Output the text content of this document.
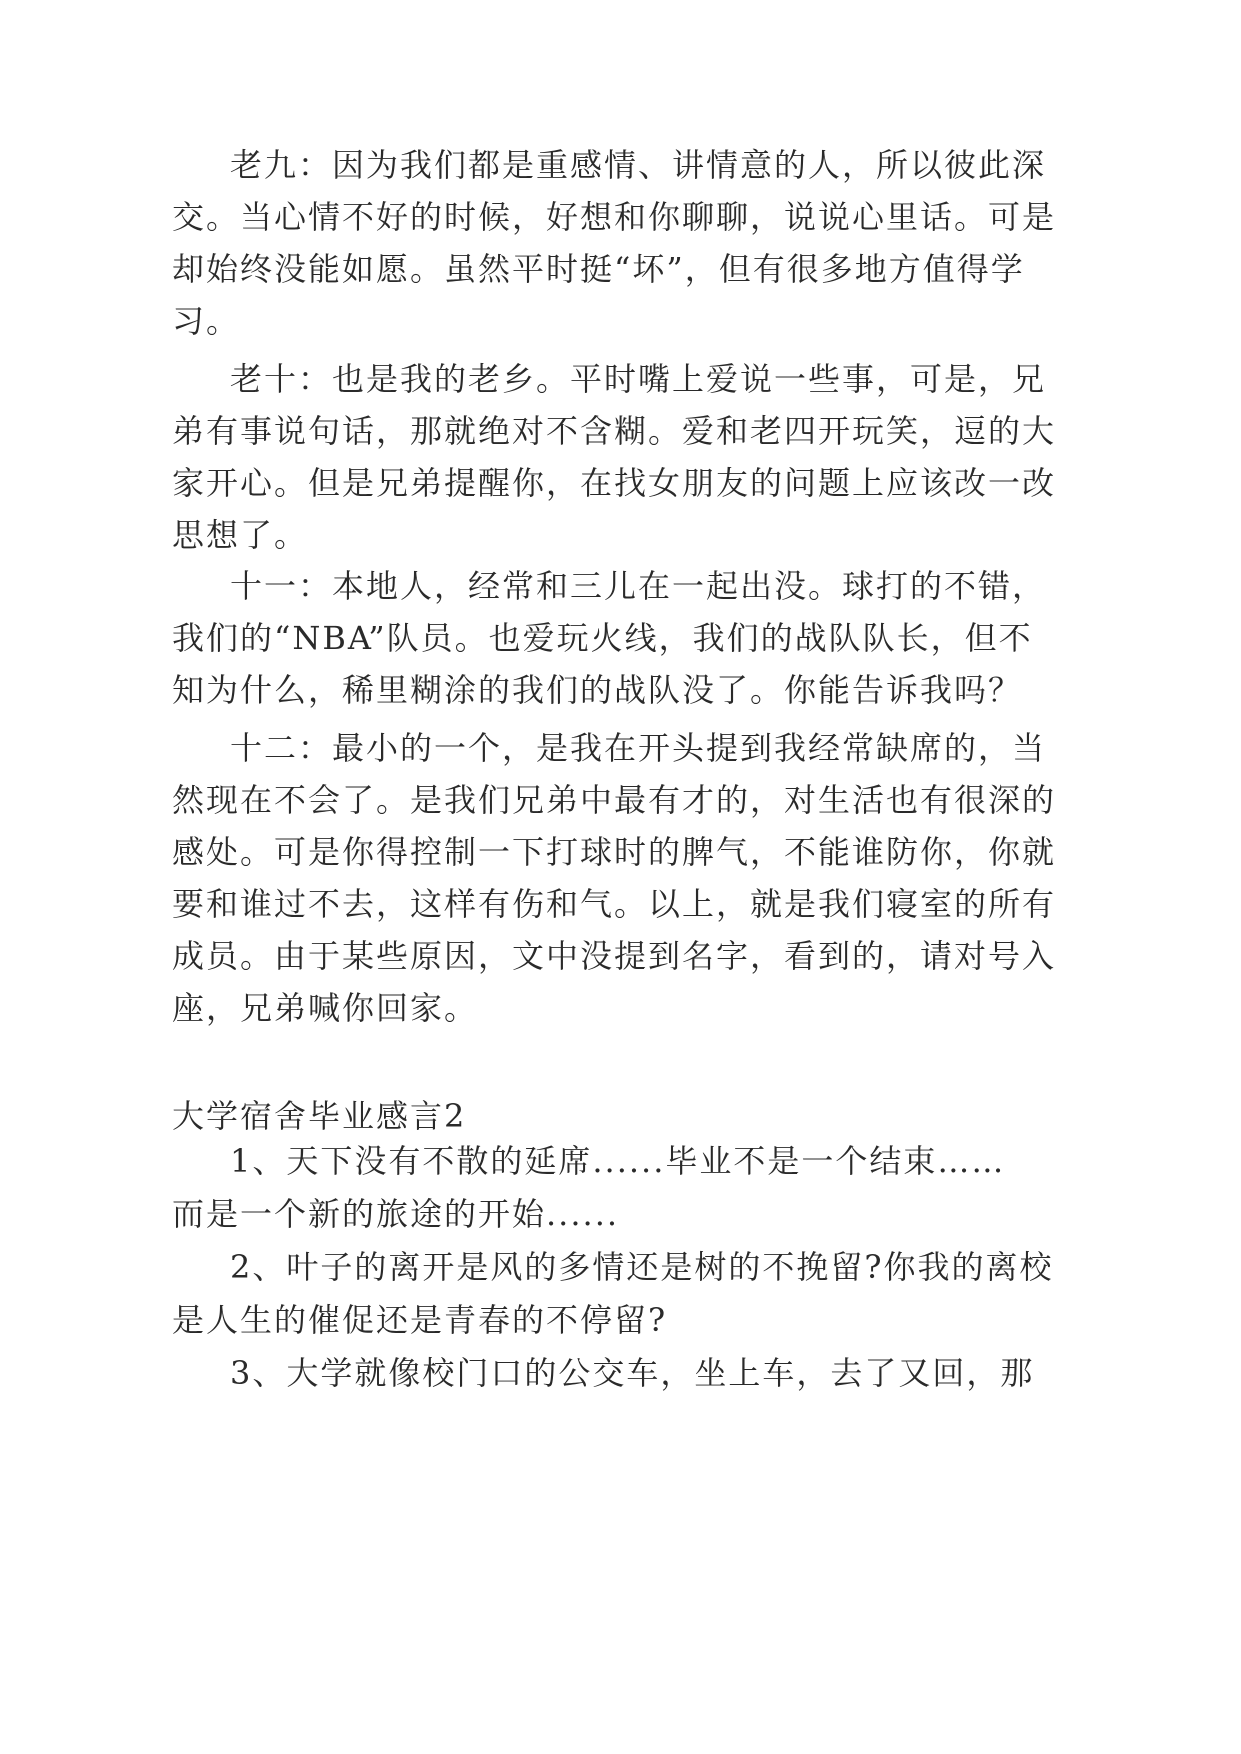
老九：因为我们都是重感情、讲情意的人，所以彼此深
交。当心情不好的时候，好想和你聊聊，说说心里话。可是
却始终没能如愿。虽然平时挺“坏”，但有很多地方值得学
习。
老十：也是我的老乡。平时嘴上爱说一些事，可是，兄
弟有事说句话，那就绝对不含糊。爱和老四开玩笑，逗的大
家开心。但是兄弟提醒你，在找女朋友的问题上应该改一改
思想了。
十一：本地人，经常和三儿在一起出没。球打的不错，
我们的“NBA”队员。也爱玩火线，我们的战队队长，但不
知为什么，稀里糊涂的我们的战队没了。你能告诉我吗？
十二：最小的一个，是我在开头提到我经常缺席的，当
然现在不会了。是我们兄弟中最有才的，对生活也有很深的
感处。可是你得控制一下打球时的脾气，不能谁防你，你就
要和谁过不去，这样有伤和气。以上，就是我们寝室的所有
成员。由于某些原因，文中没提到名字，看到的，请对号入
座，兄弟喊你回家。
大学宿舍毕业感言2
1、天下没有不散的延席......毕业不是一个结束……
而是一个新的旅途的开始......
2、叶子的离开是风的多情还是树的不挽留?你我的离校
是人生的催促还是青春的不停留?
3、大学就像校门口的公交车，坐上车，去了又回，那
